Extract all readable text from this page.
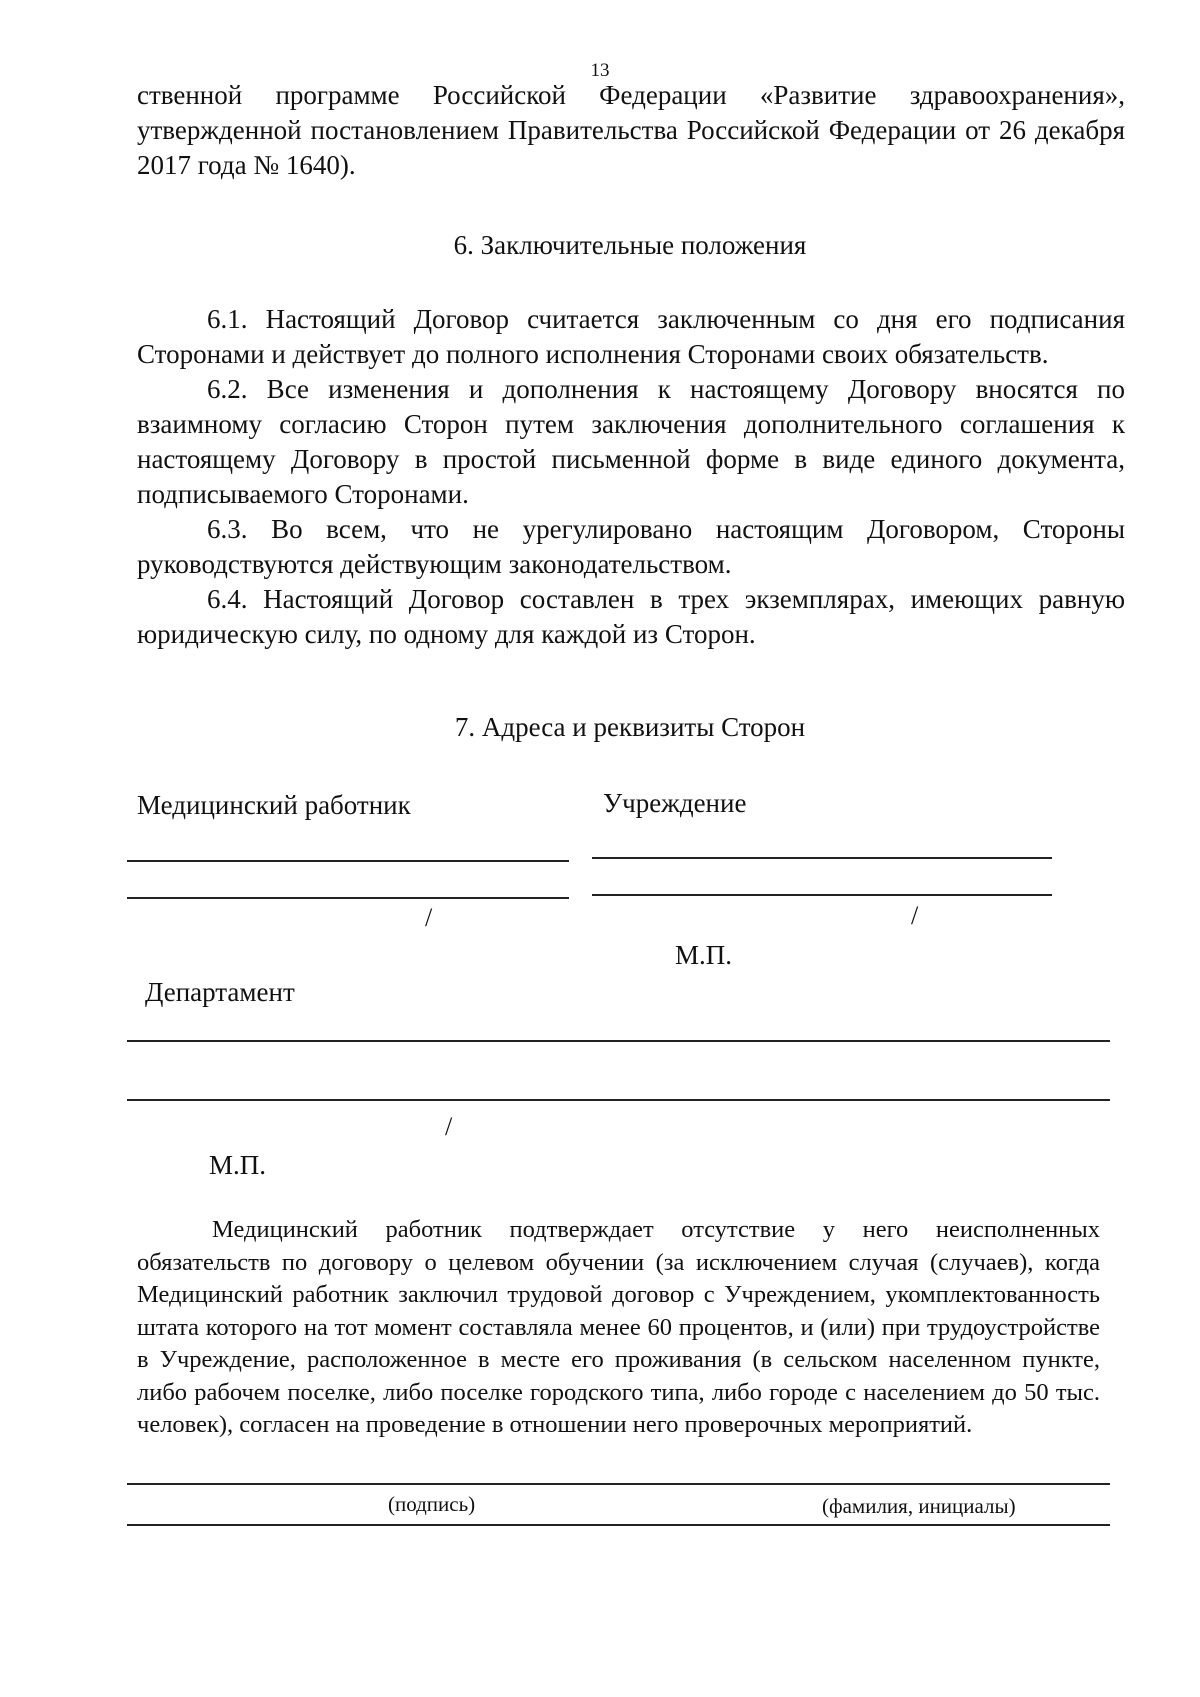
13
ственной программе Российской Федерации «Развитие здравоохранения», утвержденной постановлением Правительства Российской Федерации от 26 декабря 2017 года № 1640).
6. Заключительные положения
6.1. Настоящий Договор считается заключенным со дня его подписания Сторонами и действует до полного исполнения Сторонами своих обязательств.
6.2. Все изменения и дополнения к настоящему Договору вносятся по взаимному согласию Сторон путем заключения дополнительного соглашения к настоящему Договору в простой письменной форме в виде единого документа, подписываемого Сторонами.
6.3. Во всем, что не урегулировано настоящим Договором, Стороны руководствуются действующим законодательством.
6.4. Настоящий Договор составлен в трех экземплярах, имеющих равную юридическую силу, по одному для каждой из Сторон.
7. Адреса и реквизиты Сторон
Медицинский работник	Учреждение
/	/
М.П.
Департамент
/
М.П.
Медицинский работник подтверждает отсутствие у него неисполненных обязательств по договору о целевом обучении (за исключением случая (случаев), когда Медицинский работник заключил трудовой договор с Учреждением, укомплектованность штата которого на тот момент составляла менее 60 процентов, и (или) при трудоустройстве в Учреждение, расположенное в месте его проживания (в сельском населенном пункте, либо рабочем поселке, либо поселке городского типа, либо городе с населением до 50 тыс. человек), согласен на проведение в отношении него проверочных мероприятий.
(подпись)	(фамилия, инициалы)
